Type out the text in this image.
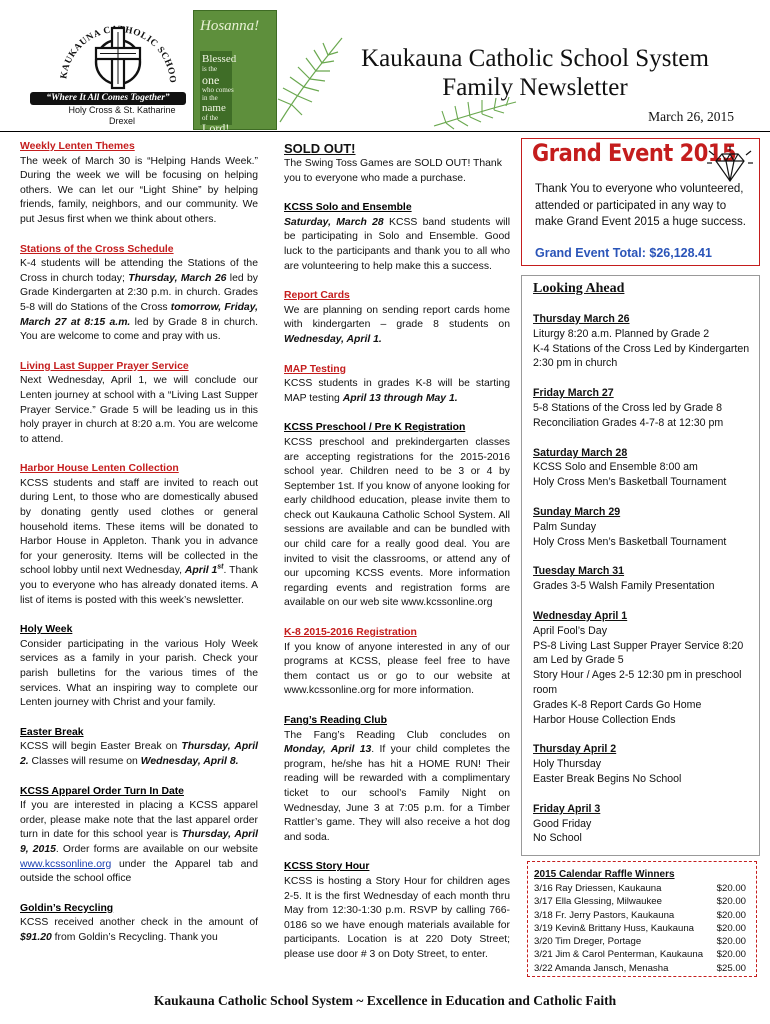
KAUKAUNA C HOLIC SCHOO
“Where It All Comes Together”
Holy Cross & St. Katharine Drexel
Hosanna!
Blessed
is the
one
who comes
in the
name
of the
Lord!
Kaukauna Catholic School System
Family Newsletter
March 26, 2015
Weekly Lenten Themes

The week of March 30 is “Helping Hands Week.” During the week we will be focusing on helping others. We can let our “Light Shine” by helping friends, family, neighbors, and our community. We put Jesus first when we think about others.

Stations of the Cross Schedule

K-4 students will be attending the Stations of the Cross in church today; Thursday, March 26 led by Grade Kindergarten at 2:30 p.m. in church. Grades 5-8 will do Stations of the Cross tomorrow, Friday, March 27 at 8:15 a.m. led by Grade 8 in church. You are welcome to come and pray with us.

Living Last Supper Prayer Service

Next Wednesday, April 1, we will conclude our Lenten journey at school with a “Living Last Supper Prayer Service.” Grade 5 will be leading us in this holy prayer in church at 8:20 a.m. You are welcome to attend.

Harbor House Lenten Collection

KCSS students and staff are invited to reach out during Lent, to those who are domestically abused by donating gently used clothes or general household items. These items will be donated to Harbor House in Appleton. Thank you in advance for your generosity. Items will be collected in the school lobby until next Wednesday, April 1st. Thank you to everyone who has already donated items. A list of items is posted with this week’s newsletter.

Holy Week

Consider participating in the various Holy Week services as a family in your parish. Check your parish bulletins for the various times of the services. What an inspiring way to complete our Lenten journey with Christ and your family.

Easter Break

KCSS will begin Easter Break on Thursday, April 2. Classes will resume on Wednesday, April 8.

KCSS Apparel Order Turn In Date

If you are interested in placing a KCSS apparel order, please make note that the last apparel order turn in date for this school year is Thursday, April 9, 2015. Order forms are available on our website www.kcssonline.org under the Apparel tab and outside the school office

Goldin’s Recycling

KCSS received another check in the amount of $91.20 from Goldin’s Recycling. Thank you

SOLD OUT!

The Swing Toss Games are SOLD OUT! Thank you to everyone who made a purchase.

KCSS Solo and Ensemble

Saturday, March 28 KCSS band students will be participating in Solo and Ensemble. Good luck to the participants and thank you to all who are volunteering to help make this a success.

Report Cards

We are planning on sending report cards home with kindergarten – grade 8 students on Wednesday, April 1.

MAP Testing

KCSS students in grades K-8 will be starting MAP testing April 13 through May 1.

KCSS Preschool / Pre K Registration

KCSS preschool and prekindergarten classes are accepting registrations for the 2015-2016 school year. Children need to be 3 or 4 by September 1st. If you know of anyone looking for early childhood education, please invite them to check out Kaukauna Catholic School System. All sessions are available and can be bundled with our child care for a really good deal. You are invited to visit the classrooms, or attend any of our upcoming KCSS events. More information regarding events and registration forms are available on our web site www.kcssonline.org

K-8 2015-2016 Registration

If you know of anyone interested in any of our programs at KCSS, please feel free to have them contact us or go to our website at www.kcssonline.org for more information.

Fang’s Reading Club

The Fang’s Reading Club concludes on Monday, April 13. If your child completes the program, he/she has hit a HOME RUN! Their reading will be rewarded with a complimentary ticket to our school’s Family Night on Wednesday, June 3 at 7:05 p.m. for a Timber Rattler’s game. They will also receive a hot dog and soda.

KCSS Story Hour

KCSS is hosting a Story Hour for children ages 2-5. It is the first Wednesday of each month thru May from 12:30-1:30 p.m. RSVP by calling 766-0186 so we have enough materials available for participants. Location is at 220 Doty Street; please use door # 3 on Doty Street, to enter.

Grand Event 2015
Thank You to everyone who volunteered, attended or participated in any way to make Grand Event 2015 a huge success.
Grand Event Total: $26,128.41
Looking Ahead
Thursday March 26
Liturgy 8:20 a.m. Planned by Grade 2
K-4 Stations of the Cross Led by Kindergarten 2:30 pm in church
Friday March 27
5-8 Stations of the Cross led by Grade 8
Reconciliation Grades 4-7-8 at 12:30 pm
Saturday March 28
KCSS Solo and Ensemble 8:00 am
Holy Cross Men’s Basketball Tournament
Sunday March 29
Palm Sunday
Holy Cross Men’s Basketball Tournament
Tuesday March 31
Grades 3-5 Walsh Family Presentation
Wednesday April 1
April Fool’s Day
PS-8 Living Last Supper Prayer Service 8:20 am Led by Grade 5
Story Hour / Ages 2-5 12:30 pm in preschool room
Grades K-8 Report Cards Go Home
Harbor House Collection Ends
Thursday April 2
Holy Thursday
Easter Break Begins No School
Friday April 3
Good Friday
No School
2015 Calendar Raffle Winners
3/16 Ray Driessen, Kaukauna	$20.00
3/17 Ella Glessing, Milwaukee	$20.00
3/18 Fr. Jerry Pastors, Kaukauna	$20.00
3/19 Kevin& Brittany Huss, Kaukauna $20.00
3/20 Tim Dreger, Portage	$20.00
3/21 Jim & Carol Penterman, Kaukauna $20.00
3/22 Amanda Jansch, Menasha	$25.00
Kaukauna Catholic School System ~ Excellence in Education and Catholic Faith
